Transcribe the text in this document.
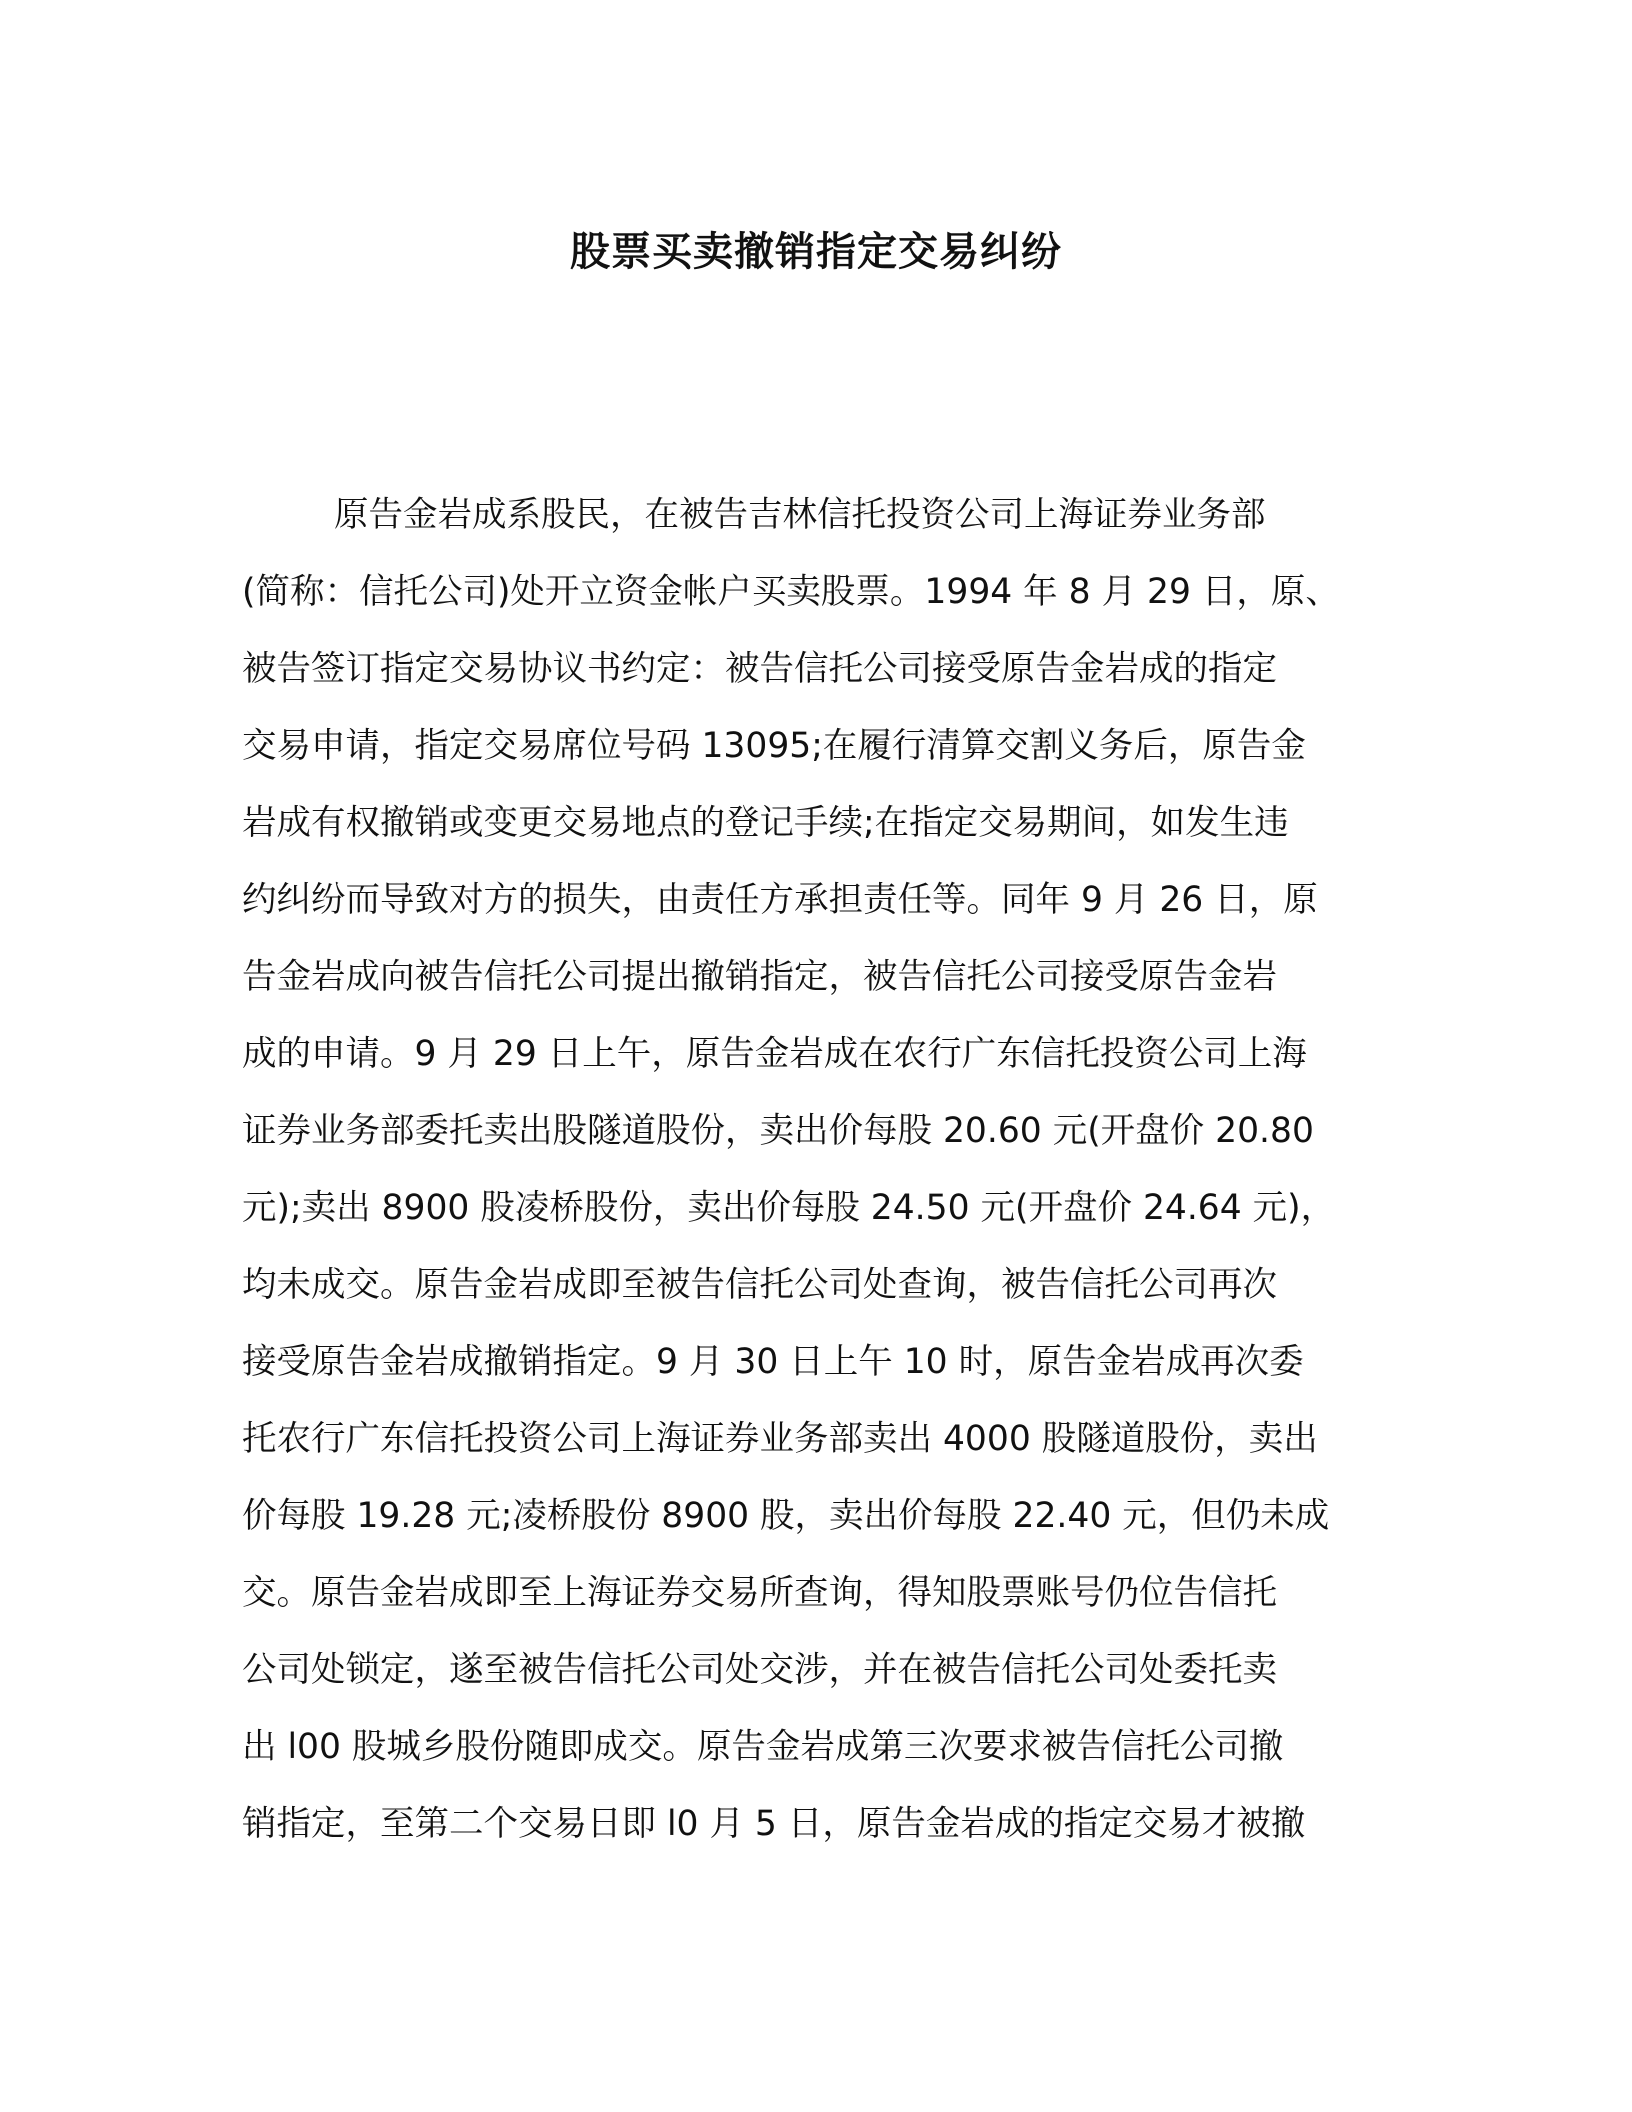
股票买卖撤销指定交易纠纷
原告金岩成系股民，在被告吉林信托投资公司上海证券业务部
(简称：信托公司)处开立资金帐户买卖股票。1994 年 8 月 29 日，原、
被告签订指定交易协议书约定：被告信托公司接受原告金岩成的指定
交易申请，指定交易席位号码 13095;在履行清算交割义务后，原告金
岩成有权撤销或变更交易地点的登记手续;在指定交易期间，如发生违
约纠纷而导致对方的损失，由责任方承担责任等。同年 9 月 26 日，原
告金岩成向被告信托公司提出撤销指定，被告信托公司接受原告金岩
成的申请。9 月 29 日上午，原告金岩成在农行广东信托投资公司上海
证券业务部委托卖出股隧道股份，卖出价每股 20.60 元(开盘价 20.80
元);卖出 8900 股凌桥股份，卖出价每股 24.50 元(开盘价 24.64 元)，
均未成交。原告金岩成即至被告信托公司处查询，被告信托公司再次
接受原告金岩成撤销指定。9 月 30 日上午 10 时，原告金岩成再次委
托农行广东信托投资公司上海证券业务部卖出 4000 股隧道股份，卖出
价每股 19.28 元;凌桥股份 8900 股，卖出价每股 22.40 元，但仍未成
交。原告金岩成即至上海证券交易所查询，得知股票账号仍位告信托
公司处锁定，遂至被告信托公司处交涉，并在被告信托公司处委托卖
出 l00 股城乡股份随即成交。原告金岩成第三次要求被告信托公司撤
销指定，至第二个交易日即 l0 月 5 日，原告金岩成的指定交易才被撤
